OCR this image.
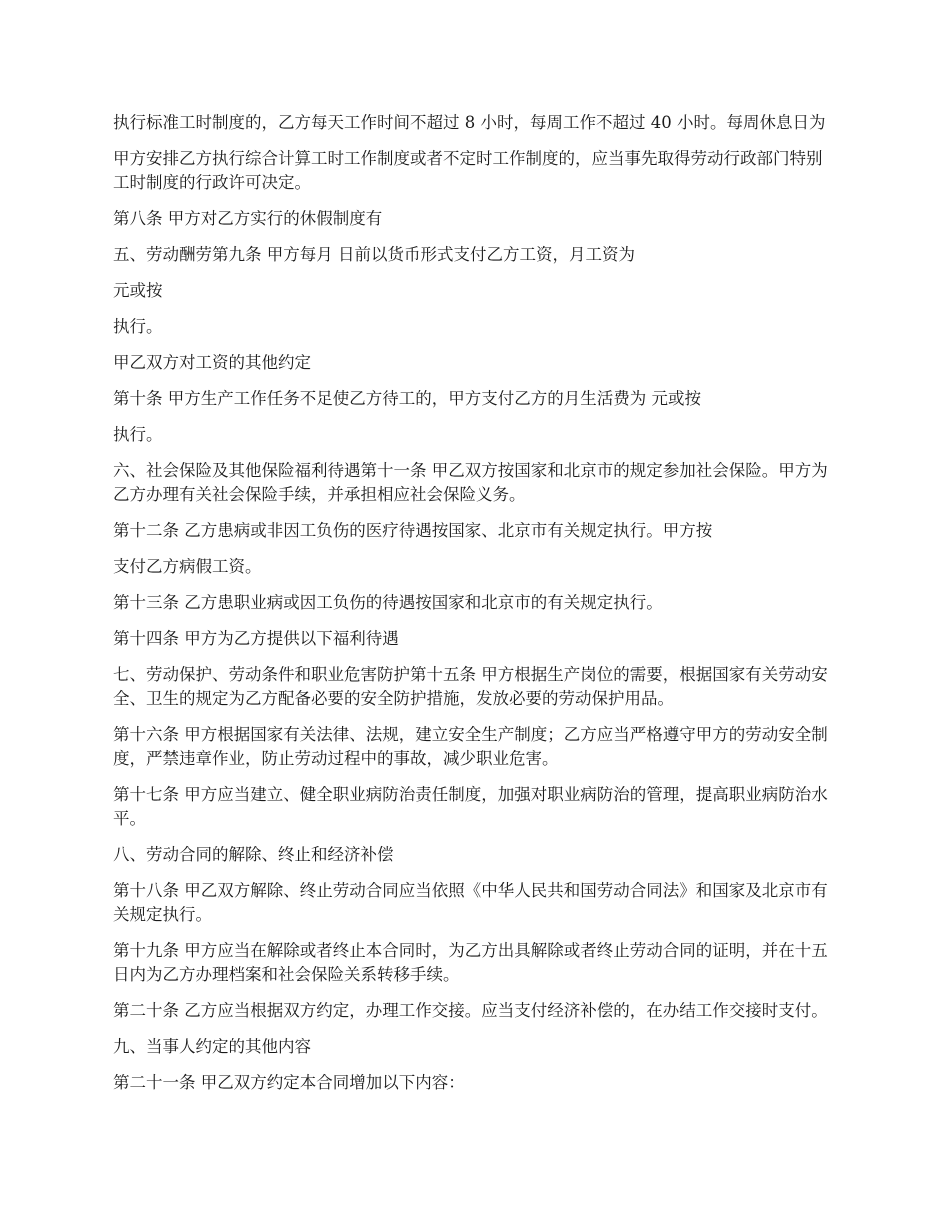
执行标准工时制度的，乙方每天工作时间不超过 8 小时，每周工作不超过 40 小时。每周休息日为

甲方安排乙方执行综合计算工时工作制度或者不定时工作制度的，应当事先取得劳动行政部门特别工时制度的行政许可决定。

第八条 甲方对乙方实行的休假制度有

五、劳动酬劳第九条 甲方每月 日前以货币形式支付乙方工资，月工资为

元或按

执行。

甲乙双方对工资的其他约定

第十条 甲方生产工作任务不足使乙方待工的，甲方支付乙方的月生活费为 元或按

执行。

六、社会保险及其他保险福利待遇第十一条 甲乙双方按国家和北京市的规定参加社会保险。甲方为乙方办理有关社会保险手续，并承担相应社会保险义务。

第十二条 乙方患病或非因工负伤的医疗待遇按国家、北京市有关规定执行。甲方按

支付乙方病假工资。

第十三条 乙方患职业病或因工负伤的待遇按国家和北京市的有关规定执行。

第十四条 甲方为乙方提供以下福利待遇

七、劳动保护、劳动条件和职业危害防护第十五条 甲方根据生产岗位的需要，根据国家有关劳动安全、卫生的规定为乙方配备必要的安全防护措施，发放必要的劳动保护用品。

第十六条 甲方根据国家有关法律、法规，建立安全生产制度；乙方应当严格遵守甲方的劳动安全制度，严禁违章作业，防止劳动过程中的事故，减少职业危害。

第十七条 甲方应当建立、健全职业病防治责任制度，加强对职业病防治的管理，提高职业病防治水平。

八、劳动合同的解除、终止和经济补偿

第十八条 甲乙双方解除、终止劳动合同应当依照《中华人民共和国劳动合同法》和国家及北京市有关规定执行。

第十九条 甲方应当在解除或者终止本合同时，为乙方出具解除或者终止劳动合同的证明，并在十五日内为乙方办理档案和社会保险关系转移手续。

第二十条 乙方应当根据双方约定，办理工作交接。应当支付经济补偿的，在办结工作交接时支付。

九、当事人约定的其他内容

第二十一条 甲乙双方约定本合同增加以下内容：
